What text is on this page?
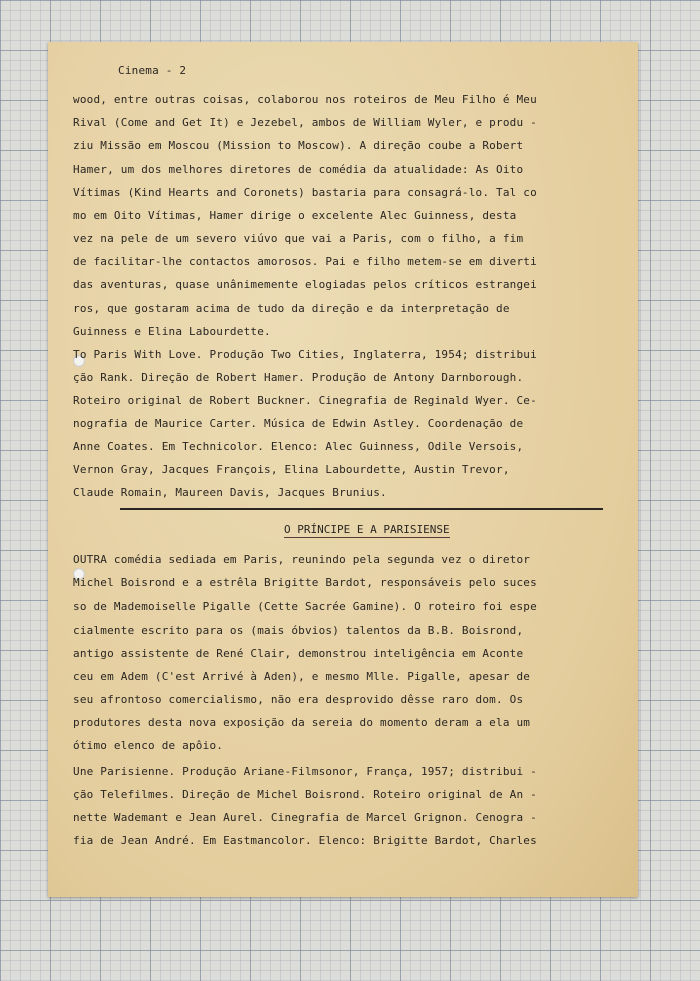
Cinema - 2
wood, entre outras coisas, colaborou nos roteiros de Meu Filho é Meu
Rival (Come and Get It) e Jezebel, ambos de William Wyler, e produ -
ziu Missão em Moscou (Mission to Moscow). A direção coube a Robert
Hamer, um dos melhores diretores de comédia da atualidade: As Oito
Vítimas (Kind Hearts and Coronets) bastaria para consagrá-lo. Tal co
mo em Oito Vítimas, Hamer dirige o excelente Alec Guinness, desta
vez na pele de um severo viúvo que vai a Paris, com o filho, a fim
de facilitar-lhe contactos amorosos. Pai e filho metem-se em diverti
das aventuras, quase unânimemente elogiadas pelos críticos estrangei
ros, que gostaram acima de tudo da direção e da interpretação de
Guinness e Elina Labourdette.
To Paris With Love. Produção Two Cities, Inglaterra, 1954; distribui
ção Rank. Direção de Robert Hamer. Produção de Antony Darnborough.
Roteiro original de Robert Buckner. Cinegrafia de Reginald Wyer. Ce-
nografia de Maurice Carter. Música de Edwin Astley. Coordenação de
Anne Coates. Em Technicolor. Elenco: Alec Guinness, Odile Versois,
Vernon Gray, Jacques François, Elina Labourdette, Austin Trevor,
Claude Romain, Maureen Davis, Jacques Brunius.
O PRÍNCIPE E A PARISIENSE
OUTRA comédia sediada em Paris, reunindo pela segunda vez o diretor
Michel Boisrond e a estrêla Brigitte Bardot, responsáveis pelo suces
so de Mademoiselle Pigalle (Cette Sacrée Gamine). O roteiro foi espe
cialmente escrito para os (mais óbvios) talentos da B.B. Boisrond,
antigo assistente de René Clair, demonstrou inteligência em Aconte
ceu em Adem (C'est Arrivé à Aden), e mesmo Mlle. Pigalle, apesar de
seu afrontoso comercialismo, não era desprovido dêsse raro dom. Os
produtores desta nova exposição da sereia do momento deram a ela um
ótimo elenco de apôio.
Une Parisienne. Produção Ariane-Filmsonor, França, 1957; distribui -
ção Telefilmes. Direção de Michel Boisrond. Roteiro original de An -
nette Wademant e Jean Aurel. Cinegrafia de Marcel Grignon. Cenogra -
fia de Jean André. Em Eastmancolor. Elenco: Brigitte Bardot, Charles
